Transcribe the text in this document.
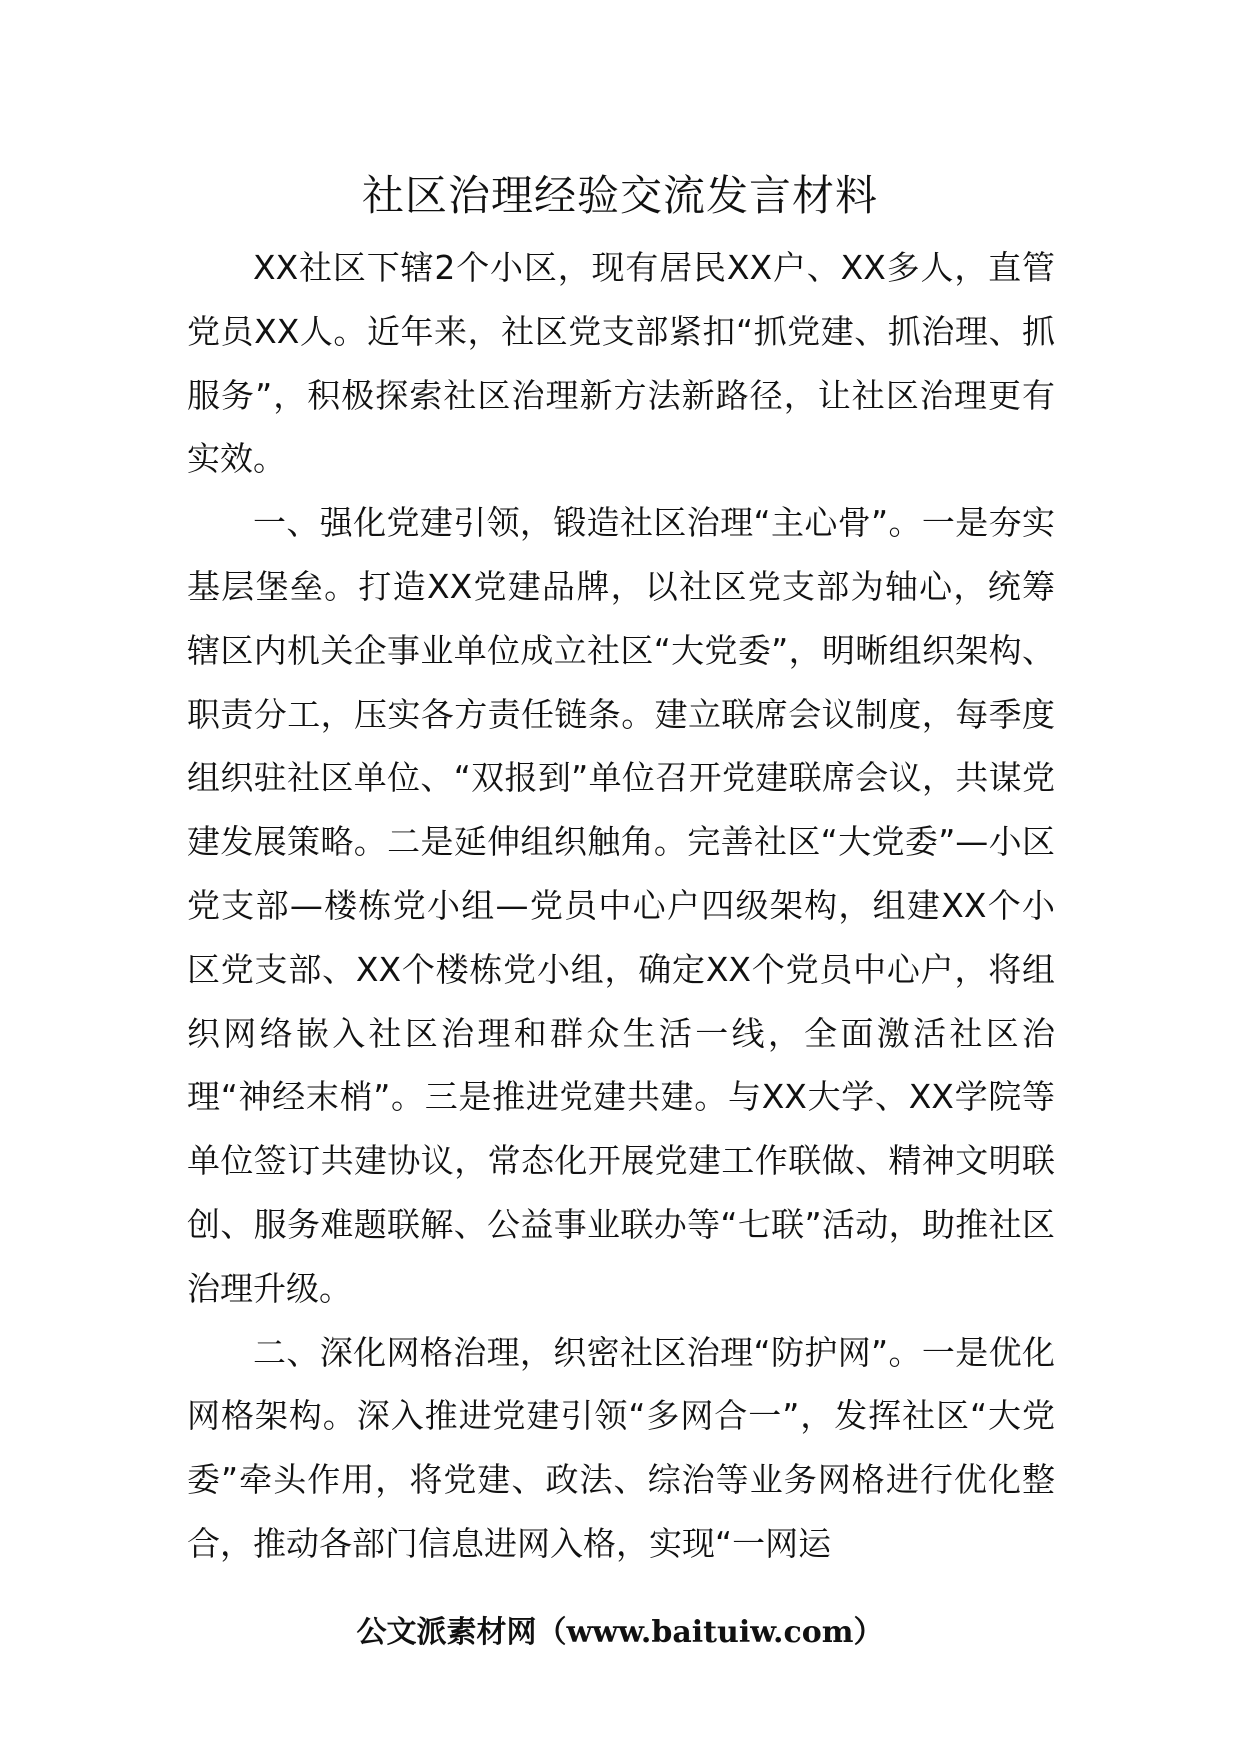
社区治理经验交流发言材料

XX社区下辖2个小区，现有居民XX户、XX多人，直管党员XX人。近年来，社区党支部紧扣“抓党建、抓治理、抓服务”，积极探索社区治理新方法新路径，让社区治理更有实效。

一、强化党建引领，锻造社区治理“主心骨”。一是夯实基层堡垒。打造XX党建品牌，以社区党支部为轴心，统筹辖区内机关企事业单位成立社区“大党委”，明晰组织架构、职责分工，压实各方责任链条。建立联席会议制度，每季度组织驻社区单位、“双报到”单位召开党建联席会议，共谋党建发展策略。二是延伸组织触角。完善社区“大党委”—小区党支部—楼栋党小组—党员中心户四级架构，组建XX个小区党支部、XX个楼栋党小组，确定XX个党员中心户，将组织网络嵌入社区治理和群众生活一线，全面激活社区治理“神经末梢”。三是推进党建共建。与XX大学、XX学院等单位签订共建协议，常态化开展党建工作联做、精神文明联创、服务难题联解、公益事业联办等“七联”活动，助推社区治理升级。

二、深化网格治理，织密社区治理“防护网”。一是优化网格架构。深入推进党建引领“多网合一”，发挥社区“大党委”牵头作用，将党建、政法、综治等业务网格进行优化整合，推动各部门信息进网入格，实现“一网运

公文派素材网（www.baituiw.com）
